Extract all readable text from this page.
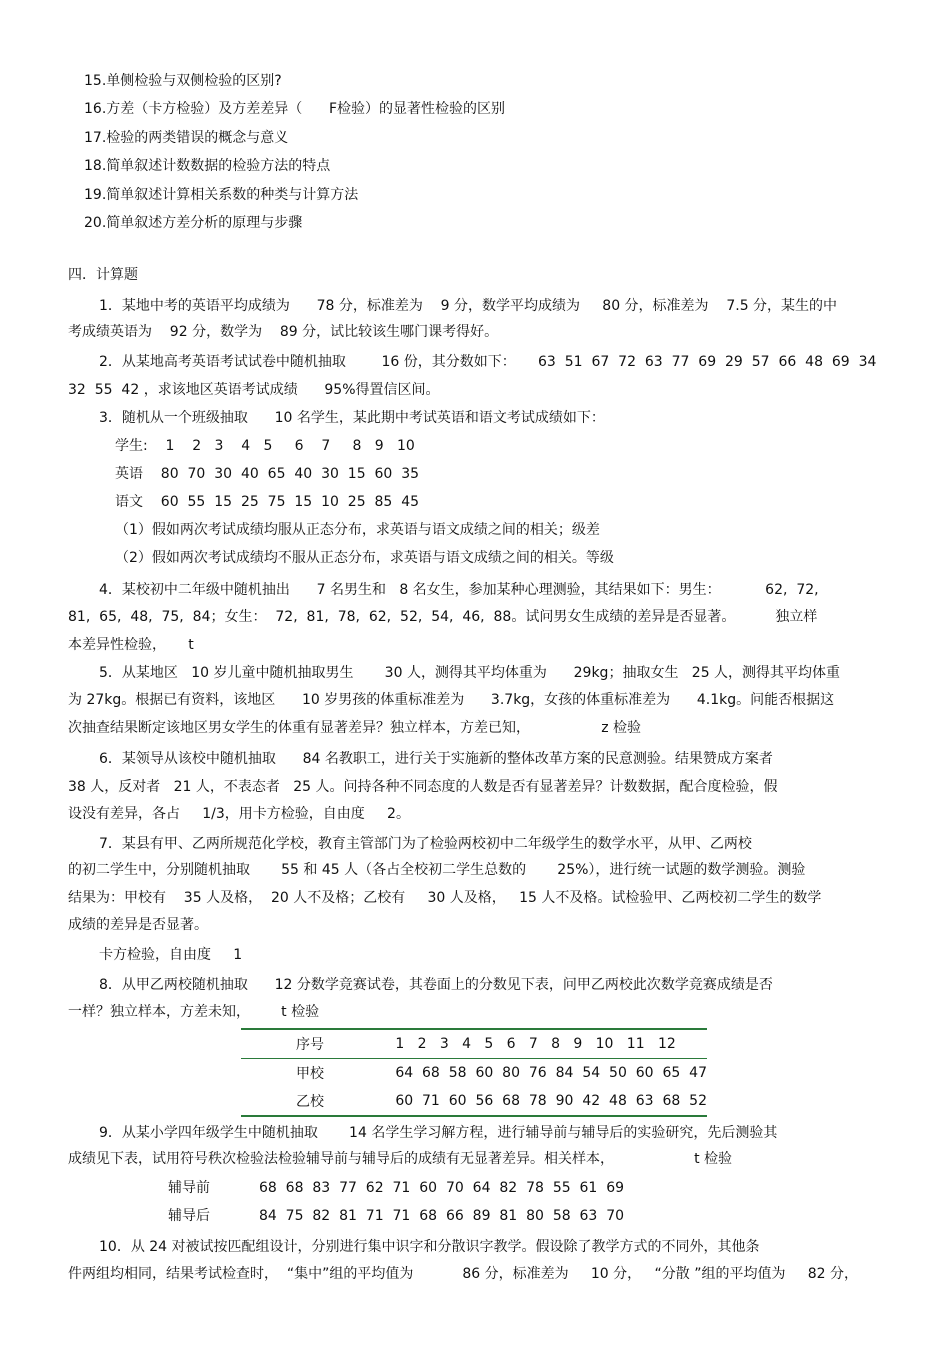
15.单侧检验与双侧检验的区别?
16.方差（卡方检验）及方差差异（      F检验）的显著性检验的区别
17.检验的两类错误的概念与意义
18.简单叙述计数数据的检验方法的特点
19.简单叙述计算相关系数的种类与计算方法
20.简单叙述方差分析的原理与步骤
四．计算题
1．某地中考的英语平均成绩为      78 分，标准差为    9 分，数学平均成绩为     80 分，标准差为    7.5 分，某生的中
考成绩英语为    92 分，数学为    89 分，试比较该生哪门课考得好。
2．从某地高考英语考试试卷中随机抽取        16 份，其分数如下：     63  51  67  72  63  77  69  29  57  66  48  69  34
32  55  42 ，求该地区英语考试成绩      95%得置信区间。
3．随机从一个班级抽取      10 名学生，某此期中考试英语和语文考试成绩如下：
学生:    1    2   3    4   5     6    7     8   9   10
英语    80  70  30  40  65  40  30  15  60  35
语文    60  55  15  25  75  15  10  25  85  45
（1）假如两次考试成绩均服从正态分布，求英语与语文成绩之间的相关；级差
（2）假如两次考试成绩均不服从正态分布，求英语与语文成绩之间的相关。等级
4．某校初中二年级中随机抽出      7 名男生和   8 名女生，参加某种心理测验，其结果如下：男生：          62,  72,
81,  65,  48,  75,  84；女生：  72,  81,  78,  62,  52,  54,  46,  88。试问男女生成绩的差异是否显著。         独立样
本差异性检验，     t
5．从某地区   10 岁儿童中随机抽取男生       30 人，测得其平均体重为      29kg；抽取女生   25 人，测得其平均体重
为 27kg。根据已有资料，该地区      10 岁男孩的体重标准差为      3.7kg，女孩的体重标准差为      4.1kg。问能否根据这
次抽查结果断定该地区男女学生的体重有显著差异？独立样本，方差已知，                z 检验
6．某领导从该校中随机抽取      84 名教职工，进行关于实施新的整体改革方案的民意测验。结果赞成方案者
38 人，反对者   21 人，不表态者   25 人。问持各种不同态度的人数是否有显著差异？计数数据，配合度检验，假
设没有差异，各占     1/3，用卡方检验，自由度     2。
7．某县有甲、乙两所规范化学校，教育主管部门为了检验两校初中二年级学生的数学水平，从甲、乙两校
的初二学生中，分别随机抽取       55 和 45 人（各占全校初二学生总数的       25%），进行统一试题的数学测验。测验
结果为：甲校有    35 人及格，  20 人不及格；乙校有     30 人及格，   15 人不及格。试检验甲、乙两校初二学生的数学
成绩的差异是否显著。
卡方检验，自由度     1
8．从甲乙两校随机抽取      12 分数学竞赛试卷，其卷面上的分数见下表，问甲乙两校此次数学竞赛成绩是否
一样？独立样本，方差未知，       t 检验
序号	1   2   3   4   5   6   7   8   9   10   11   12
甲校	64  68  58  60  80  76  84  54  50  60  65  47
乙校	60  71  60  56  68  78  90  42  48  63  68  52
9．从某小学四年级学生中随机抽取       14 名学生学习解方程，进行辅导前与辅导后的实验研究，先后测验其
成绩见下表，试用符号秩次检验法检验辅导前与辅导后的成绩有无显著差异。相关样本，                  t 检验
辅导前           68  68  83  77  62  71  60  70  64  82  78  55  61  69
辅导后           84  75  82  81  71  71  68  66  89  81  80  58  63  70
10．从 24 对被试按匹配组设计，分别进行集中识字和分散识字教学。假设除了教学方式的不同外，其他条
件两组均相同，结果考试检查时，  “集中”组的平均值为           86 分，标准差为     10 分，   “分散 ”组的平均值为     82 分，
